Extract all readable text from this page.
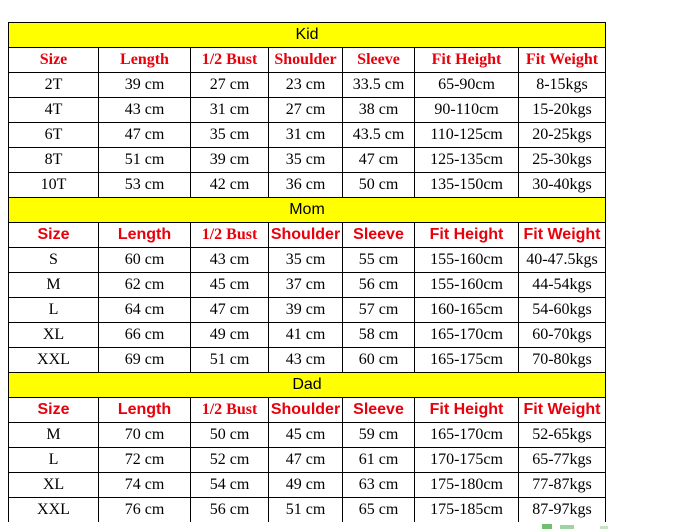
Kid						
Size	Length	1/2 Bust	Shoulder	Sleeve	Fit Height	Fit Weight
2T	39 cm	27 cm	23 cm	33.5 cm	65-90cm	8-15kgs
4T	43 cm	31 cm	27 cm	38 cm	90-110cm	15-20kgs
6T	47 cm	35 cm	31 cm	43.5 cm	110-125cm	20-25kgs
8T	51 cm	39 cm	35 cm	47 cm	125-135cm	25-30kgs
10T	53 cm	42 cm	36 cm	50 cm	135-150cm	30-40kgs
Mom						
Size	Length	1/2 Bust	Shoulder	Sleeve	Fit Height	Fit Weight
S	60 cm	43 cm	35 cm	55 cm	155-160cm	40-47.5kgs
M	62 cm	45 cm	37 cm	56 cm	155-160cm	44-54kgs
L	64 cm	47 cm	39 cm	57 cm	160-165cm	54-60kgs
XL	66 cm	49 cm	41 cm	58 cm	165-170cm	60-70kgs
XXL	69 cm	51 cm	43 cm	60 cm	165-175cm	70-80kgs
Dad						
Size	Length	1/2 Bust	Shoulder	Sleeve	Fit Height	Fit Weight
M	70 cm	50 cm	45 cm	59 cm	165-170cm	52-65kgs
L	72 cm	52 cm	47 cm	61 cm	170-175cm	65-77kgs
XL	74 cm	54 cm	49 cm	63 cm	175-180cm	77-87kgs
XXL	76 cm	56 cm	51 cm	65 cm	175-185cm	87-97kgs
